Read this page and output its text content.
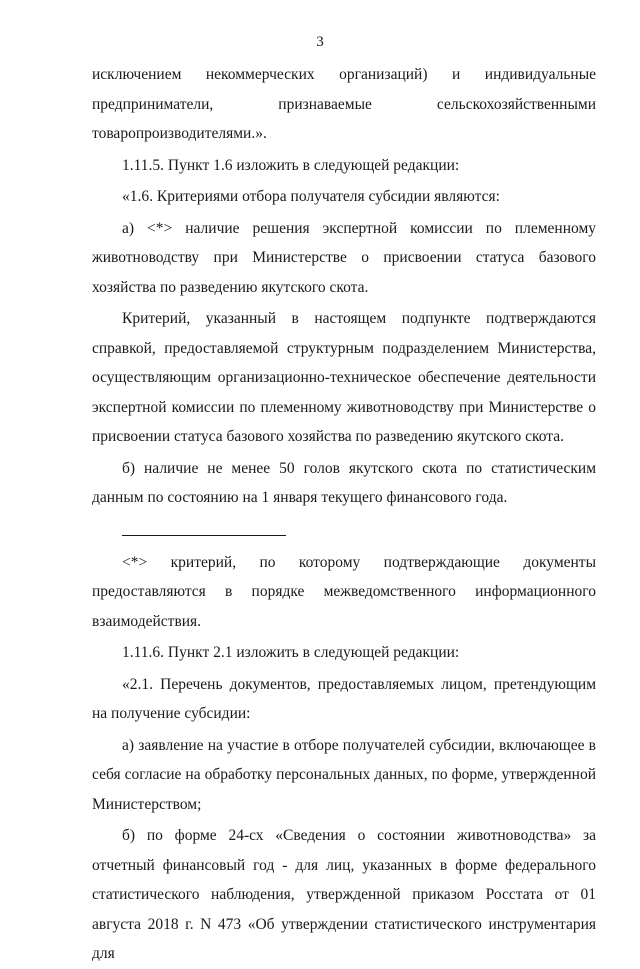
3
исключением некоммерческих организаций) и индивидуальные
предприниматели, признаваемые сельскохозяйственными
товаропроизводителями.».

1.11.5. Пункт 1.6 изложить в следующей редакции:

«1.6. Критериями отбора получателя субсидии являются:

а) <*> наличие решения экспертной комиссии по племенному животноводству при Министерстве о присвоении статуса базового хозяйства по разведению якутского скота.

Критерий, указанный в настоящем подпункте подтверждаются справкой, предоставляемой структурным подразделением Министерства, осуществляющим организационно-техническое обеспечение деятельности экспертной комиссии по племенному животноводству при Министерстве о присвоении статуса базового хозяйства по разведению якутского скота.

б) наличие не менее 50 голов якутского скота по статистическим данным по состоянию на 1 января текущего финансового года.

<*> критерий, по которому подтверждающие документы предоставляются в порядке межведомственного информационного взаимодействия.

1.11.6. Пункт 2.1 изложить в следующей редакции:

«2.1. Перечень документов, предоставляемых лицом, претендующим на получение субсидии:

а) заявление на участие в отборе получателей субсидии, включающее в себя согласие на обработку персональных данных, по форме, утвержденной Министерством;

б) по форме 24-сх «Сведения о состоянии животноводства» за отчетный финансовый год - для лиц, указанных в форме федерального статистического наблюдения, утвержденной приказом Росстата от 01 августа 2018 г. N 473 «Об утверждении статистического инструментария для
